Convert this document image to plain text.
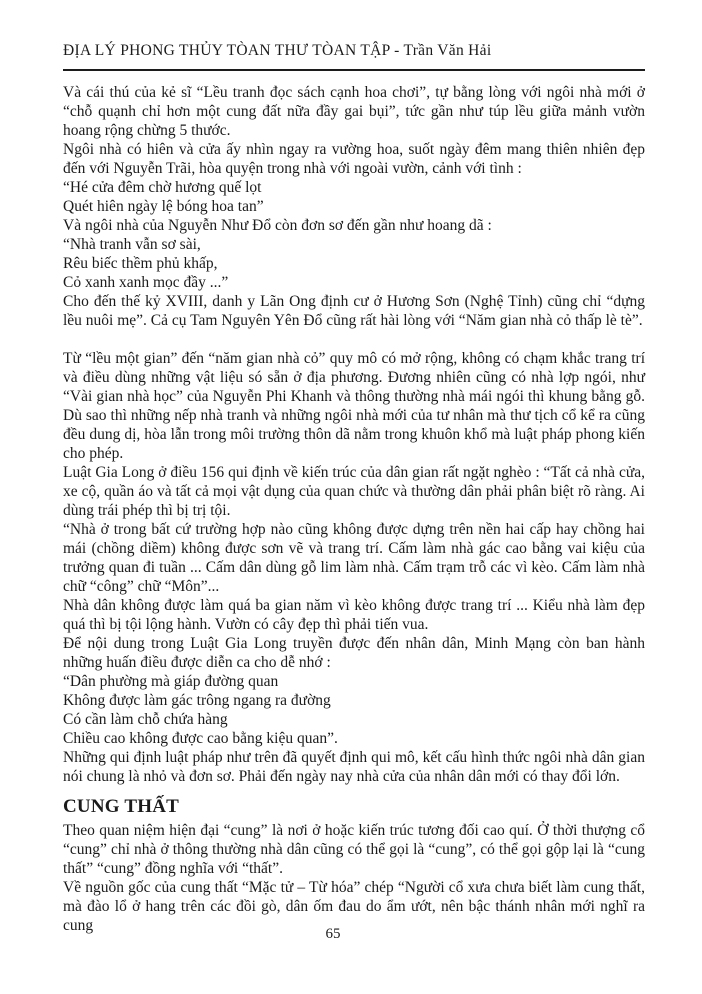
ĐỊA LÝ PHONG THỦY TÒAN THƯ TÒAN TẬP - Trần Văn Hải

Và cái thú của kẻ sĩ “Lều tranh đọc sách cạnh hoa chơi”, tự bằng lòng với ngôi nhà mới ở “chỗ quạnh chỉ hơn một cung đất nữa đầy gai bụi”, tức gần như túp lều giữa mảnh vườn hoang rộng chừng 5 thước.

Ngôi nhà có hiên và cửa ấy nhìn ngay ra vường hoa, suốt ngày đêm mang thiên nhiên đẹp đến với Nguyễn Trãi, hòa quyện trong nhà với ngoài vườn, cảnh với tình :

“Hé cửa đêm chờ hương quế lọt

Quét hiên ngày lệ bóng hoa tan”

Và ngôi nhà của Nguyễn Như Đổ còn đơn sơ đến gần như hoang dã :

“Nhà tranh vẫn sơ sài,

Rêu biếc thềm phủ khấp,

Cỏ xanh xanh mọc đầy ...”

Cho đến thế kỷ XVIII, danh y Lãn Ong định cư ở Hương Sơn (Nghệ Tỉnh) cũng chỉ “dựng lều nuôi mẹ”. Cả cụ Tam Nguyên Yên Đổ cũng rất hài lòng với “Năm gian nhà cỏ thấp lè tè”.

Từ “lều một gian” đến “năm gian nhà cỏ” quy mô có mở rộng, không có chạm khắc trang trí và điều dùng những vật liệu só sẵn ở địa phương. Đương nhiên cũng có nhà lợp ngói, như “Vài gian nhà học” của Nguyễn Phi Khanh và thông thường nhà mái ngói thì khung bằng gỗ. Dù sao thì những nếp nhà tranh và những ngôi nhà mới của tư nhân mà thư tịch cổ kể ra cũng đều dung dị, hòa lẫn trong môi trường thôn dã nằm trong khuôn khổ mà luật pháp phong kiến cho phép.

Luật Gia Long ở điều 156 qui định về kiến trúc của dân gian rất ngặt nghèo : “Tất cả nhà cửa, xe cộ, quần áo và tất cả mọi vật dụng của quan chức và thường dân phải phân biệt rõ ràng. Ai dùng trái phép thì bị trị tội.

“Nhà ở trong bất cứ trường hợp nào cũng không được dựng trên nền hai cấp hay chồng hai mái (chồng diềm) không được sơn vẽ và trang trí. Cấm làm nhà gác cao bằng vai kiệu của trưởng quan đi tuần ... Cấm dân dùng gỗ lim làm nhà. Cấm trạm trỗ các vì kèo. Cấm làm nhà chữ “công” chữ “Môn”...

Nhà dân không được làm quá ba gian năm vì kèo không được trang trí ... Kiểu nhà làm đẹp quá thì bị tội lộng hành. Vườn có cây đẹp thì phải tiến vua.

Để nội dung trong Luật Gia Long truyền được đến nhân dân, Minh Mạng còn ban hành những huấn điều được diễn ca cho dễ nhớ :

“Dân phường mà giáp đường quan

Không được làm gác trông ngang ra đường

Có cần làm chỗ chứa hàng

Chiều cao không được cao bằng kiệu quan”.

Những qui định luật pháp như trên đã quyết định qui mô, kết cấu hình thức ngôi nhà dân gian nói chung là nhỏ và đơn sơ. Phải đến ngày nay nhà cửa của nhân dân mới có thay đổi lớn.

CUNG THẤT

Theo quan niệm hiện đại “cung” là nơi ở hoặc kiến trúc tương đối cao quí. Ở thời thượng cổ “cung” chỉ nhà ở thông thường nhà dân cũng có thể gọi là “cung”, có thể gọi gộp lại là “cung thất” “cung” đồng nghĩa với “thất”.

Về nguồn gốc của cung thất “Mặc tử – Từ hóa” chép “Người cổ xưa chưa biết làm cung thất, mà đào lổ ở hang trên các đồi gò, dân ốm đau do ẩm ướt, nên bậc thánh nhân mới nghĩ ra cung	65
